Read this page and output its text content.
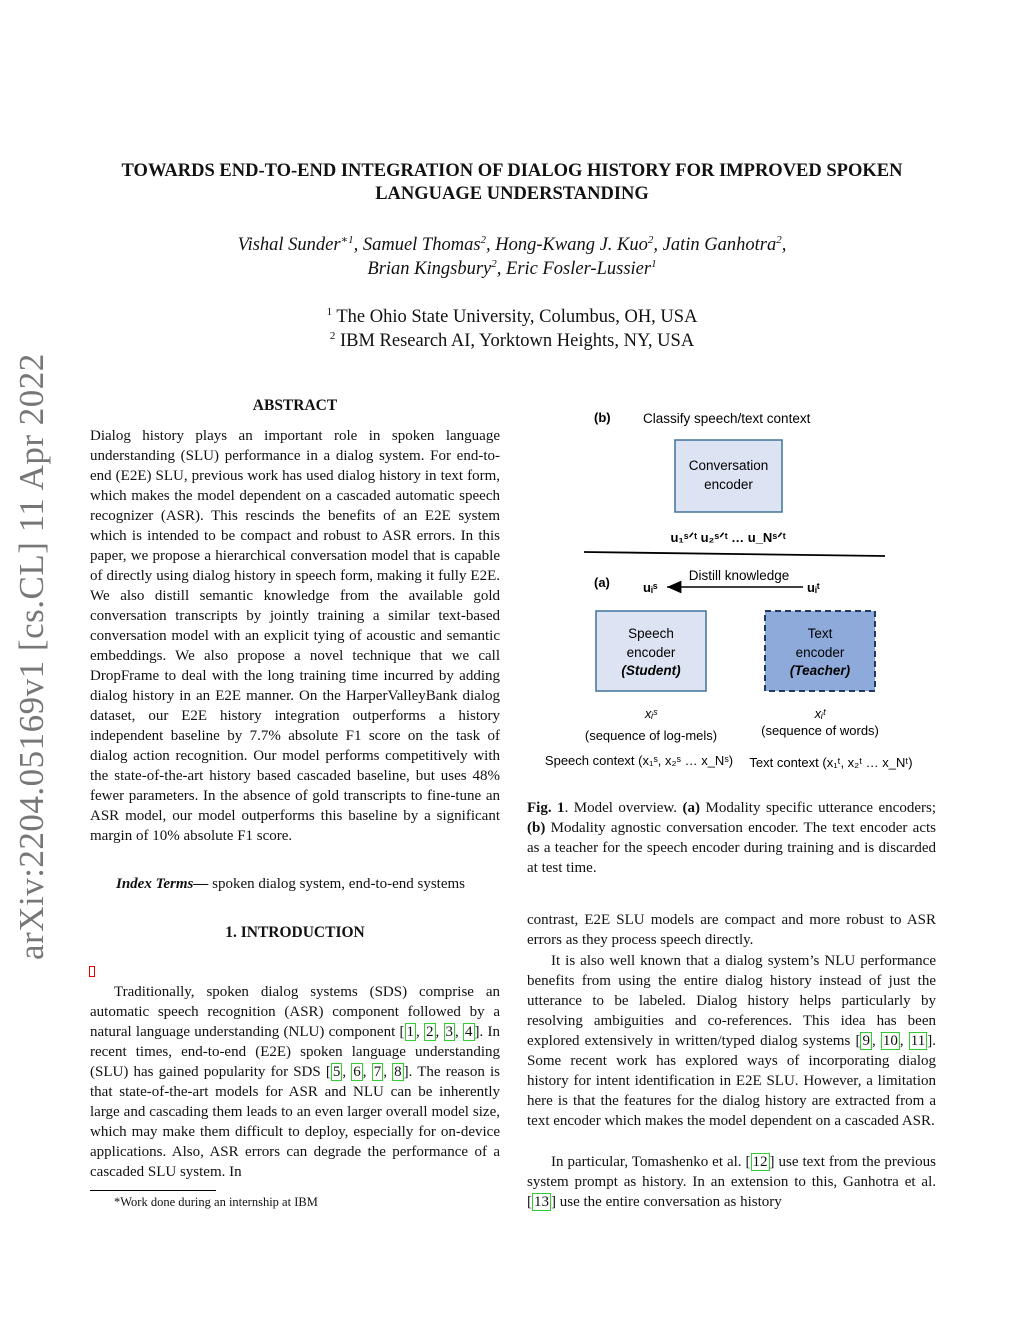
TOWARDS END-TO-END INTEGRATION OF DIALOG HISTORY FOR IMPROVED SPOKEN
LANGUAGE UNDERSTANDING
Vishal Sunder$^{∗1}$, Samuel Thomas$^2$, Hong-Kwang J. Kuo$^2$, Jatin Ganhotra$^2$,
Brian Kingsbury$^2$, Eric Fosler-Lussier$^1$
$^1$ The Ohio State University, Columbus, OH, USA
$^2$ IBM Research AI, Yorktown Heights, NY, USA
arXiv:2204.05169v1 [cs.CL] 11 Apr 2022	ABSTRACT

Dialog history plays an important role in spoken language understanding (SLU) performance in a dialog system. For end-to-end (E2E) SLU, previous work has used dialog history in text form, which makes the model dependent on a cascaded automatic speech recognizer (ASR). This rescinds the benefits of an E2E system which is intended to be compact and robust to ASR errors. In this paper, we propose a hierarchical conversation model that is capable of directly using dialog history in speech form, making it fully E2E. We also distill semantic knowledge from the available gold conversation transcripts by jointly training a similar text-based conversation model with an explicit tying of acoustic and semantic embeddings. We also propose a novel technique that we call DropFrame to deal with the long training time incurred by adding dialog history in an E2E manner. On the HarperValleyBank dialog dataset, our E2E history integration outperforms a history independent baseline by 7.7% absolute F1 score on the task of dialog action recognition. Our model performs competitively with the state-of-the-art history based cascaded baseline, but uses 48% fewer parameters. In the absence of gold transcripts to fine-tune an ASR model, our model outperforms this baseline by a significant margin of 10% absolute F1 score.

Index Terms— spoken dialog system, end-to-end systems
1. INTRODUCTION

Traditionally, spoken dialog systems (SDS) comprise an automatic speech recognition (ASR) component followed by a natural language understanding (NLU) component [ 1 , 2 , 3 , 4 ]. In recent times, end-to-end (E2E) spoken language understanding (SLU) has gained popularity for SDS [ 5 , 6 , 7 , 8 ]. The reason is that state-of-the-art models for ASR and NLU can be inherently large and cascading them leads to an even larger overall model size, which may make them difficult to deploy, especially for on-device applications. Also, ASR errors can degrade the performance of a cascaded SLU system. In

*Work done during an internship at IBM
(b) Classify speech/text context
Conversation
encoder
u₁ˢᐟᵗ u₂ˢᐟᵗ … u_Nˢᐟᵗ
(a)	Distill knowledge
uᵢˢ	uᵢᵗ
Speech
encoder
(Student)
Text
encoder
(Teacher)
xᵢˢ	xᵢᵗ
(sequence of log-mels)	(sequence of words)
Speech context (x₁ˢ, x₂ˢ … x_Nˢ) Text context (x₁ᵗ, x₂ᵗ … x_Nᵗ)

Fig. 1. Model overview. (a) Modality specific utterance encoders; (b) Modality agnostic conversation encoder. The text encoder acts as a teacher for the speech encoder during training and is discarded at test time.

contrast, E2E SLU models are compact and more robust to ASR errors as they process speech directly.

It is also well known that a dialog system’s NLU performance benefits from using the entire dialog history instead of just the utterance to be labeled. Dialog history helps particularly by resolving ambiguities and co-references. This idea has been explored extensively in written/typed dialog systems [ 9 , 10 , 11 ]. Some recent work has explored ways of incorporating dialog history for intent identification in E2E SLU. However, a limitation here is that the features for the dialog history are extracted from a text encoder which makes the model dependent on a cascaded ASR.

In particular, Tomashenko et al. [ 12 ] use text from the previous system prompt as history. In an extension to this, Ganhotra et al. [ 13 ] use the entire conversation as history
